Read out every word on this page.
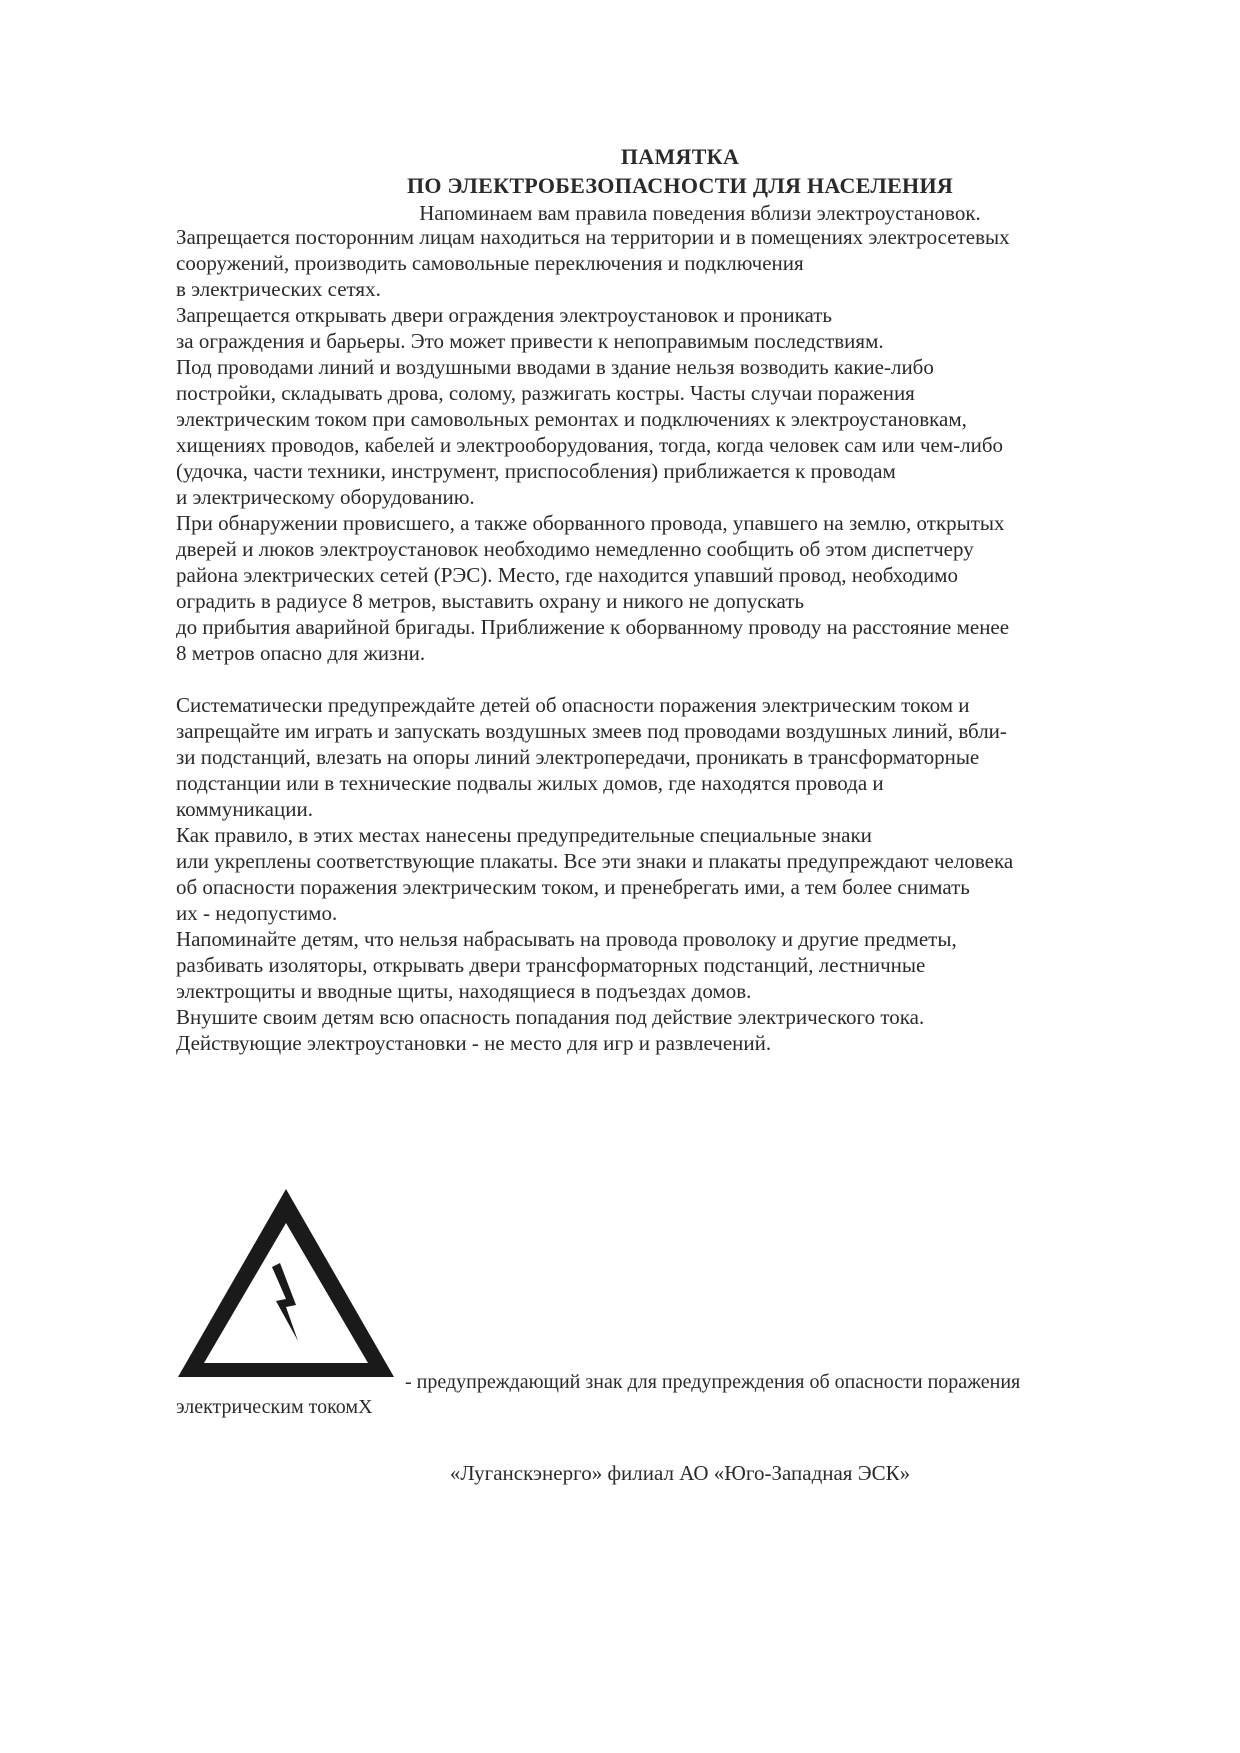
ПАМЯТКА
ПО ЭЛЕКТРОБЕЗОПАСНОСТИ ДЛЯ НАСЕЛЕНИЯ
Напоминаем вам правила поведения вблизи электроустановок.
Запрещается посторонним лицам находиться на территории и в помещениях электросетевых
сооружений, производить самовольные переключения и подключения
в электрических сетях.
Запрещается открывать двери ограждения электроустановок и проникать
за ограждения и барьеры. Это может привести к непоправимым последствиям.
Под проводами линий и воздушными вводами в здание нельзя возводить какие-либо
постройки, складывать дрова, солому, разжигать костры. Часты случаи поражения
электрическим током при самовольных ремонтах и подключениях к электроустановкам,
хищениях проводов, кабелей и электрооборудования, тогда, когда человек сам или чем-либо
(удочка, части техники, инструмент, приспособления) приближается к проводам
и электрическому оборудованию.
При обнаружении провисшего, а также оборванного провода, упавшего на землю, открытых
дверей и люков электроустановок необходимо немедленно сообщить об этом диспетчеру
района электрических сетей (РЭС). Место, где находится упавший провод, необходимо
оградить в радиусе 8 метров, выставить охрану и никого не допускать
до прибытия аварийной бригады. Приближение к оборванному проводу на расстояние менее
8 метров опасно для жизни.
Систематически предупреждайте детей об опасности поражения электрическим током и
запрещайте им играть и запускать воздушных змеев под проводами воздушных линий, вбли-
зи подстанций, влезать на опоры линий электропередачи, проникать в трансформаторные
подстанции или в технические подвалы жилых домов, где находятся провода и
коммуникации.
Как правило, в этих местах нанесены предупредительные специальные знаки
или укреплены соответствующие плакаты. Все эти знаки и плакаты предупреждают человека
об опасности поражения электрическим током, и пренебрегать ими, а тем более снимать
их - недопустимо.
Напоминайте детям, что нельзя набрасывать на провода проволоку и другие предметы,
разбивать изоляторы, открывать двери трансформаторных подстанций, лестничные
электрощиты и вводные щиты, находящиеся в подъездах домов.
Внушите своим детям всю опасность попадания под действие электрического тока.
Действующие электроустановки - не место для игр и развлечений.
- предупреждающий знак для предупреждения об опасности поражения
электрическим токомX
«Луганскэнерго» филиал АО «Юго-Западная ЭСК»
